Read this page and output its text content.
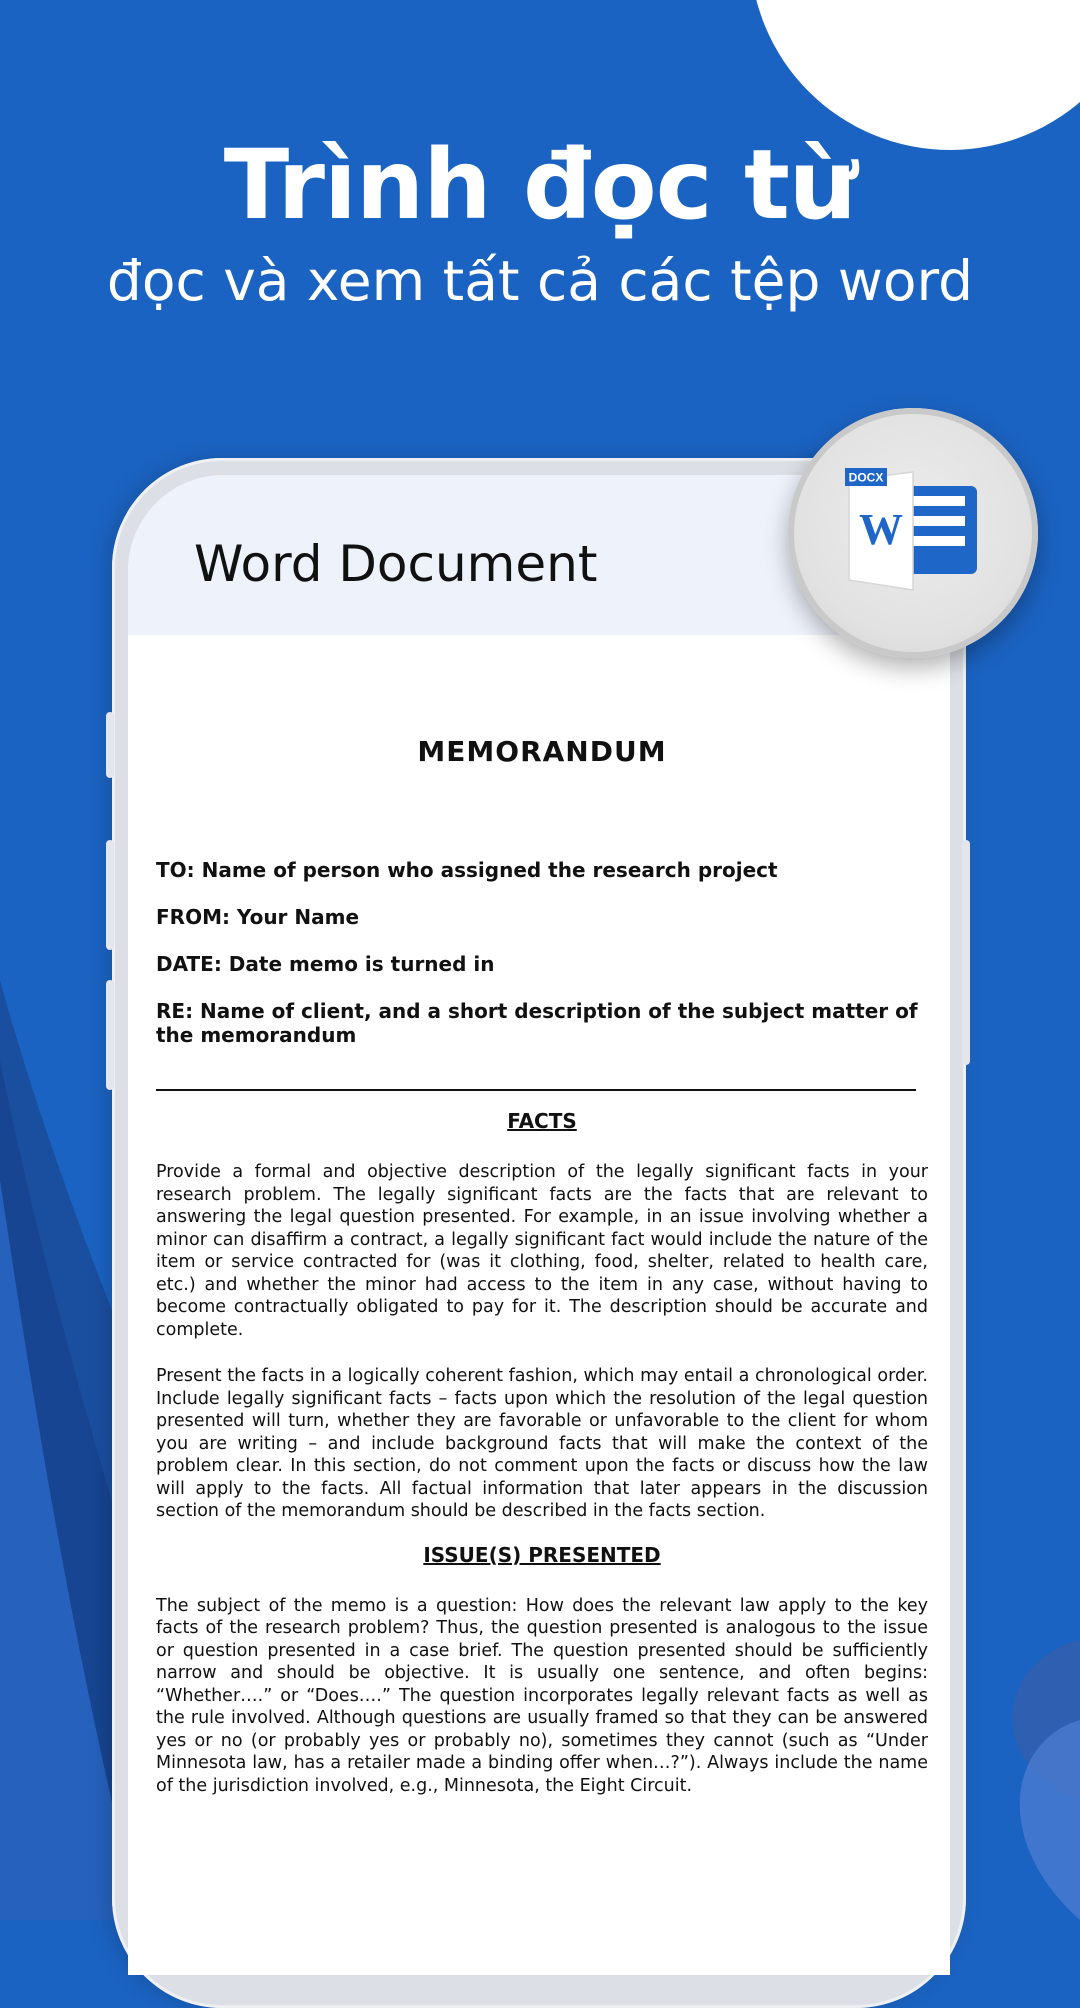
Trình đọc từ
đọc và xem tất cả các tệp word
Word Document
MEMORANDUM
TO: Name of person who assigned the research project
FROM: Your Name
DATE: Date memo is turned in
RE: Name of client, and a short description of the subject matter of the memorandum
FACTS

Provide a formal and objective description of the legally significant facts in your research problem. The legally significant facts are the facts that are relevant to answering the legal question presented. For example, in an issue involving whether a minor can disaffirm a contract, a legally significant fact would include the nature of the item or service contracted for (was it clothing, food, shelter, related to health care, etc.) and whether the minor had access to the item in any case, without having to become contractually obligated to pay for it. The description should be accurate and complete.

Present the facts in a logically coherent fashion, which may entail a chronological order. Include legally significant facts – facts upon which the resolution of the legal question presented will turn, whether they are favorable or unfavorable to the client for whom you are writing – and include background facts that will make the context of the problem clear. In this section, do not comment upon the facts or discuss how the law will apply to the facts. All factual information that later appears in the discussion section of the memorandum should be described in the facts section.

ISSUE(S) PRESENTED

The subject of the memo is a question: How does the relevant law apply to the key facts of the research problem? Thus, the question presented is analogous to the issue or question presented in a case brief. The question presented should be sufficiently narrow and should be objective. It is usually one sentence, and often begins: “Whether….” or “Does….” The question incorporates legally relevant facts as well as the rule involved. Although questions are usually framed so that they can be answered yes or no (or probably yes or probably no), sometimes they cannot (such as “Under Minnesota law, has a retailer made a binding offer when…?”). Always include the name of the jurisdiction involved, e.g., Minnesota, the Eight Circuit.

DOCX
W
